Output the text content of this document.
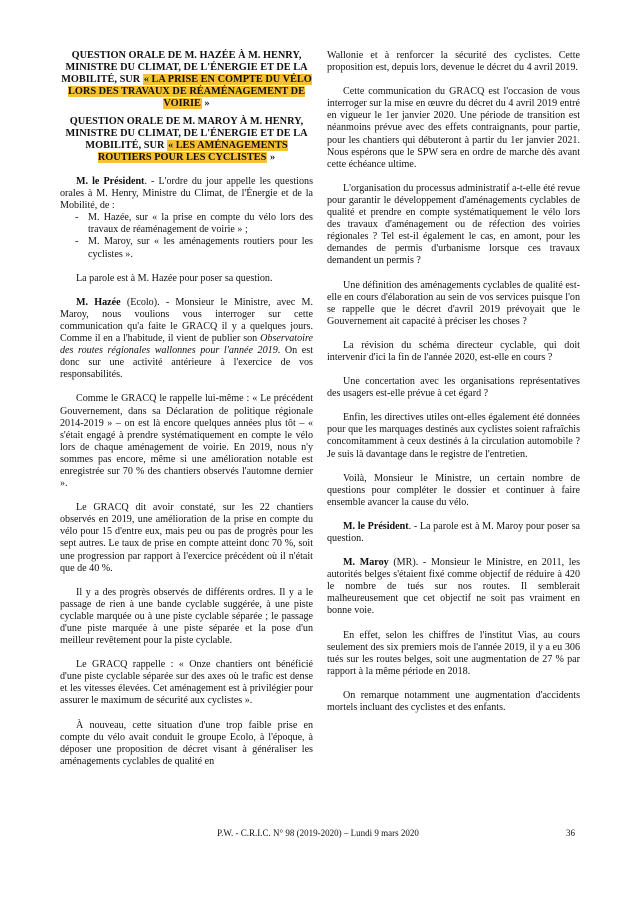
QUESTION ORALE DE M. HAZÉE À M. HENRY, MINISTRE DU CLIMAT, DE L'ÉNERGIE ET DE LA MOBILITÉ, SUR « LA PRISE EN COMPTE DU VÉLO LORS DES TRAVAUX DE RÉAMÉNAGEMENT DE VOIRIE »

QUESTION ORALE DE M. MAROY À M. HENRY, MINISTRE DU CLIMAT, DE L'ÉNERGIE ET DE LA MOBILITÉ, SUR « LES AMÉNAGEMENTS ROUTIERS POUR LES CYCLISTES »

M. le Président. - L'ordre du jour appelle les questions orales à M. Henry, Ministre du Climat, de l'Énergie et de la Mobilité, de :

- M. Hazée, sur « la prise en compte du vélo lors des travaux de réaménagement de voirie » ;
- M. Maroy, sur « les aménagements routiers pour les cyclistes ».

La parole est à M. Hazée pour poser sa question.

M. Hazée (Ecolo). - Monsieur le Ministre, avec M. Maroy, nous voulions vous interroger sur cette communication qu'a faite le GRACQ il y a quelques jours. Comme il en a l'habitude, il vient de publier son Observatoire des routes régionales wallonnes pour l'année 2019. On est donc sur une activité antérieure à l'exercice de vos responsabilités.

Comme le GRACQ le rappelle lui-même : « Le précédent Gouvernement, dans sa Déclaration de politique régionale 2014-2019 » – on est là encore quelques années plus tôt – « s'était engagé à prendre systématiquement en compte le vélo lors de chaque aménagement de voirie. En 2019, nous n'y sommes pas encore, même si une amélioration notable est enregistrée sur 70 % des chantiers observés l'automne dernier ».

Le GRACQ dit avoir constaté, sur les 22 chantiers observés en 2019, une amélioration de la prise en compte du vélo pour 15 d'entre eux, mais peu ou pas de progrès pour les sept autres. Le taux de prise en compte atteint donc 70 %, soit une progression par rapport à l'exercice précédent où il n'était que de 40 %.

Il y a des progrès observés de différents ordres. Il y a le passage de rien à une bande cyclable suggérée, à une piste cyclable marquée ou à une piste cyclable séparée ; le passage d'une piste marquée à une piste séparée et la pose d'un meilleur revêtement pour la piste cyclable.

Le GRACQ rappelle : « Onze chantiers ont bénéficié d'une piste cyclable séparée sur des axes où le trafic est dense et les vitesses élevées. Cet aménagement est à privilégier pour assurer le maximum de sécurité aux cyclistes ».

À nouveau, cette situation d'une trop faible prise en compte du vélo avait conduit le groupe Ecolo, à l'époque, à déposer une proposition de décret visant à généraliser les aménagements cyclables de qualité en

Wallonie et à renforcer la sécurité des cyclistes. Cette proposition est, depuis lors, devenue le décret du 4 avril 2019.

Cette communication du GRACQ est l'occasion de vous interroger sur la mise en œuvre du décret du 4 avril 2019 entré en vigueur le 1er janvier 2020. Une période de transition est néanmoins prévue avec des effets contraignants, pour partie, pour les chantiers qui débuteront à partir du 1er janvier 2021. Nous espérons que le SPW sera en ordre de marche dès avant cette échéance ultime.

L'organisation du processus administratif a-t-elle été revue pour garantir le développement d'aménagements cyclables de qualité et prendre en compte systématiquement le vélo lors des travaux d'aménagement ou de réfection des voiries régionales ? Tel est-il également le cas, en amont, pour les demandes de permis d'urbanisme lorsque ces travaux demandent un permis ?

Une définition des aménagements cyclables de qualité est-elle en cours d'élaboration au sein de vos services puisque l'on se rappelle que le décret d'avril 2019 prévoyait que le Gouvernement ait capacité à préciser les choses ?

La révision du schéma directeur cyclable, qui doit intervenir d'ici la fin de l'année 2020, est-elle en cours ?

Une concertation avec les organisations représentatives des usagers est-elle prévue à cet égard ?

Enfin, les directives utiles ont-elles également été données pour que les marquages destinés aux cyclistes soient rafraîchis concomitamment à ceux destinés à la circulation automobile ? Je suis là davantage dans le registre de l'entretien.

Voilà, Monsieur le Ministre, un certain nombre de questions pour compléter le dossier et continuer à faire ensemble avancer la cause du vélo.

M. le Président. - La parole est à M. Maroy pour poser sa question.

M. Maroy (MR). - Monsieur le Ministre, en 2011, les autorités belges s'étaient fixé comme objectif de réduire à 420 le nombre de tués sur nos routes. Il semblerait malheureusement que cet objectif ne soit pas vraiment en bonne voie.

En effet, selon les chiffres de l'institut Vias, au cours seulement des six premiers mois de l'année 2019, il y a eu 306 tués sur les routes belges, soit une augmentation de 27 % par rapport à la même période en 2018.

On remarque notamment une augmentation d'accidents mortels incluant des cyclistes et des enfants.

P.W. - C.R.I.C. N° 98 (2019-2020) – Lundi 9 mars 2020	36
